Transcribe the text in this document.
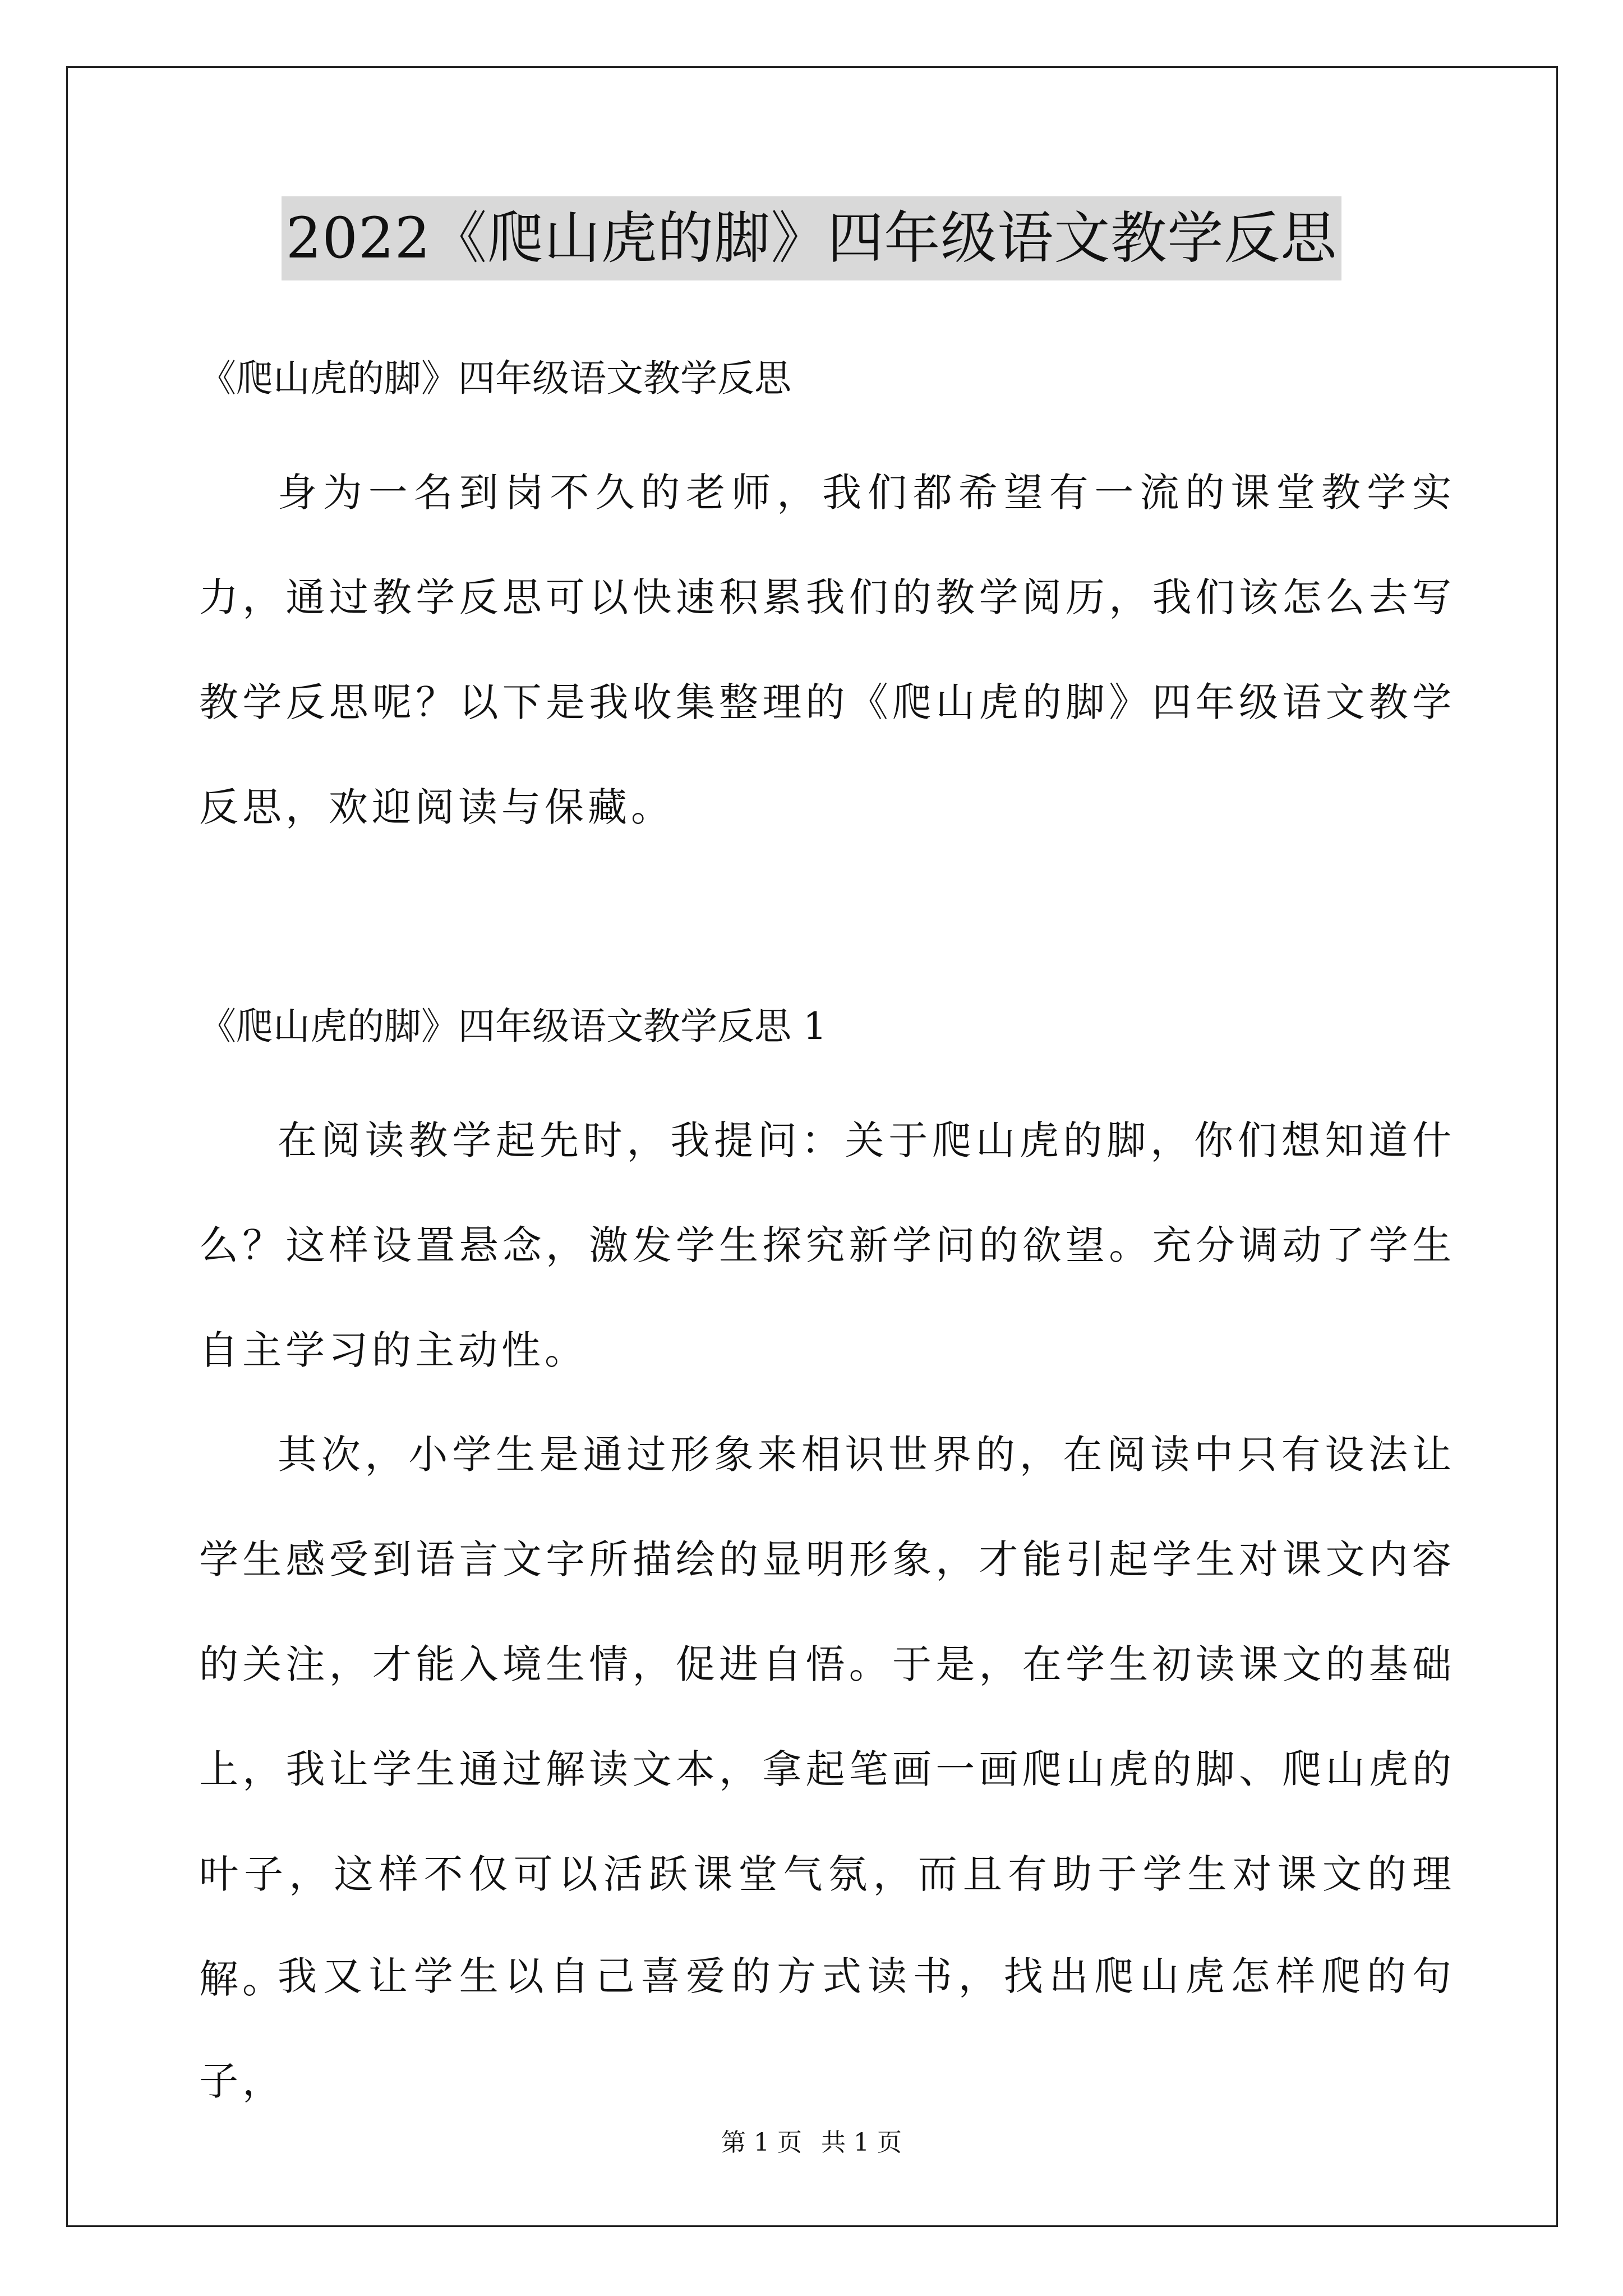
2022《爬山虎的脚》四年级语文教学反思
《爬山虎的脚》四年级语文教学反思
身为一名到岗不久的老师，我们都希望有一流的课堂教学实力，通过教学反思可以快速积累我们的教学阅历，我们该怎么去写教学反思呢？以下是我收集整理的《爬山虎的脚》四年级语文教学反思，欢迎阅读与保藏。
《爬山虎的脚》四年级语文教学反思 1
在阅读教学起先时，我提问：关于爬山虎的脚，你们想知道什么？这样设置悬念，激发学生探究新学问的欲望。充分调动了学生自主学习的主动性。
其次，小学生是通过形象来相识世界的，在阅读中只有设法让学生感受到语言文字所描绘的显明形象，才能引起学生对课文内容的关注，才能入境生情，促进自悟。于是，在学生初读课文的基础上，我让学生通过解读文本，拿起笔画一画爬山虎的脚、爬山虎的叶子，这样不仅可以活跃课堂气氛，而且有助于学生对课文的理解。
我又让学生以自己喜爱的方式读书，找出爬山虎怎样爬的句子，
第 1 页 共 1 页
